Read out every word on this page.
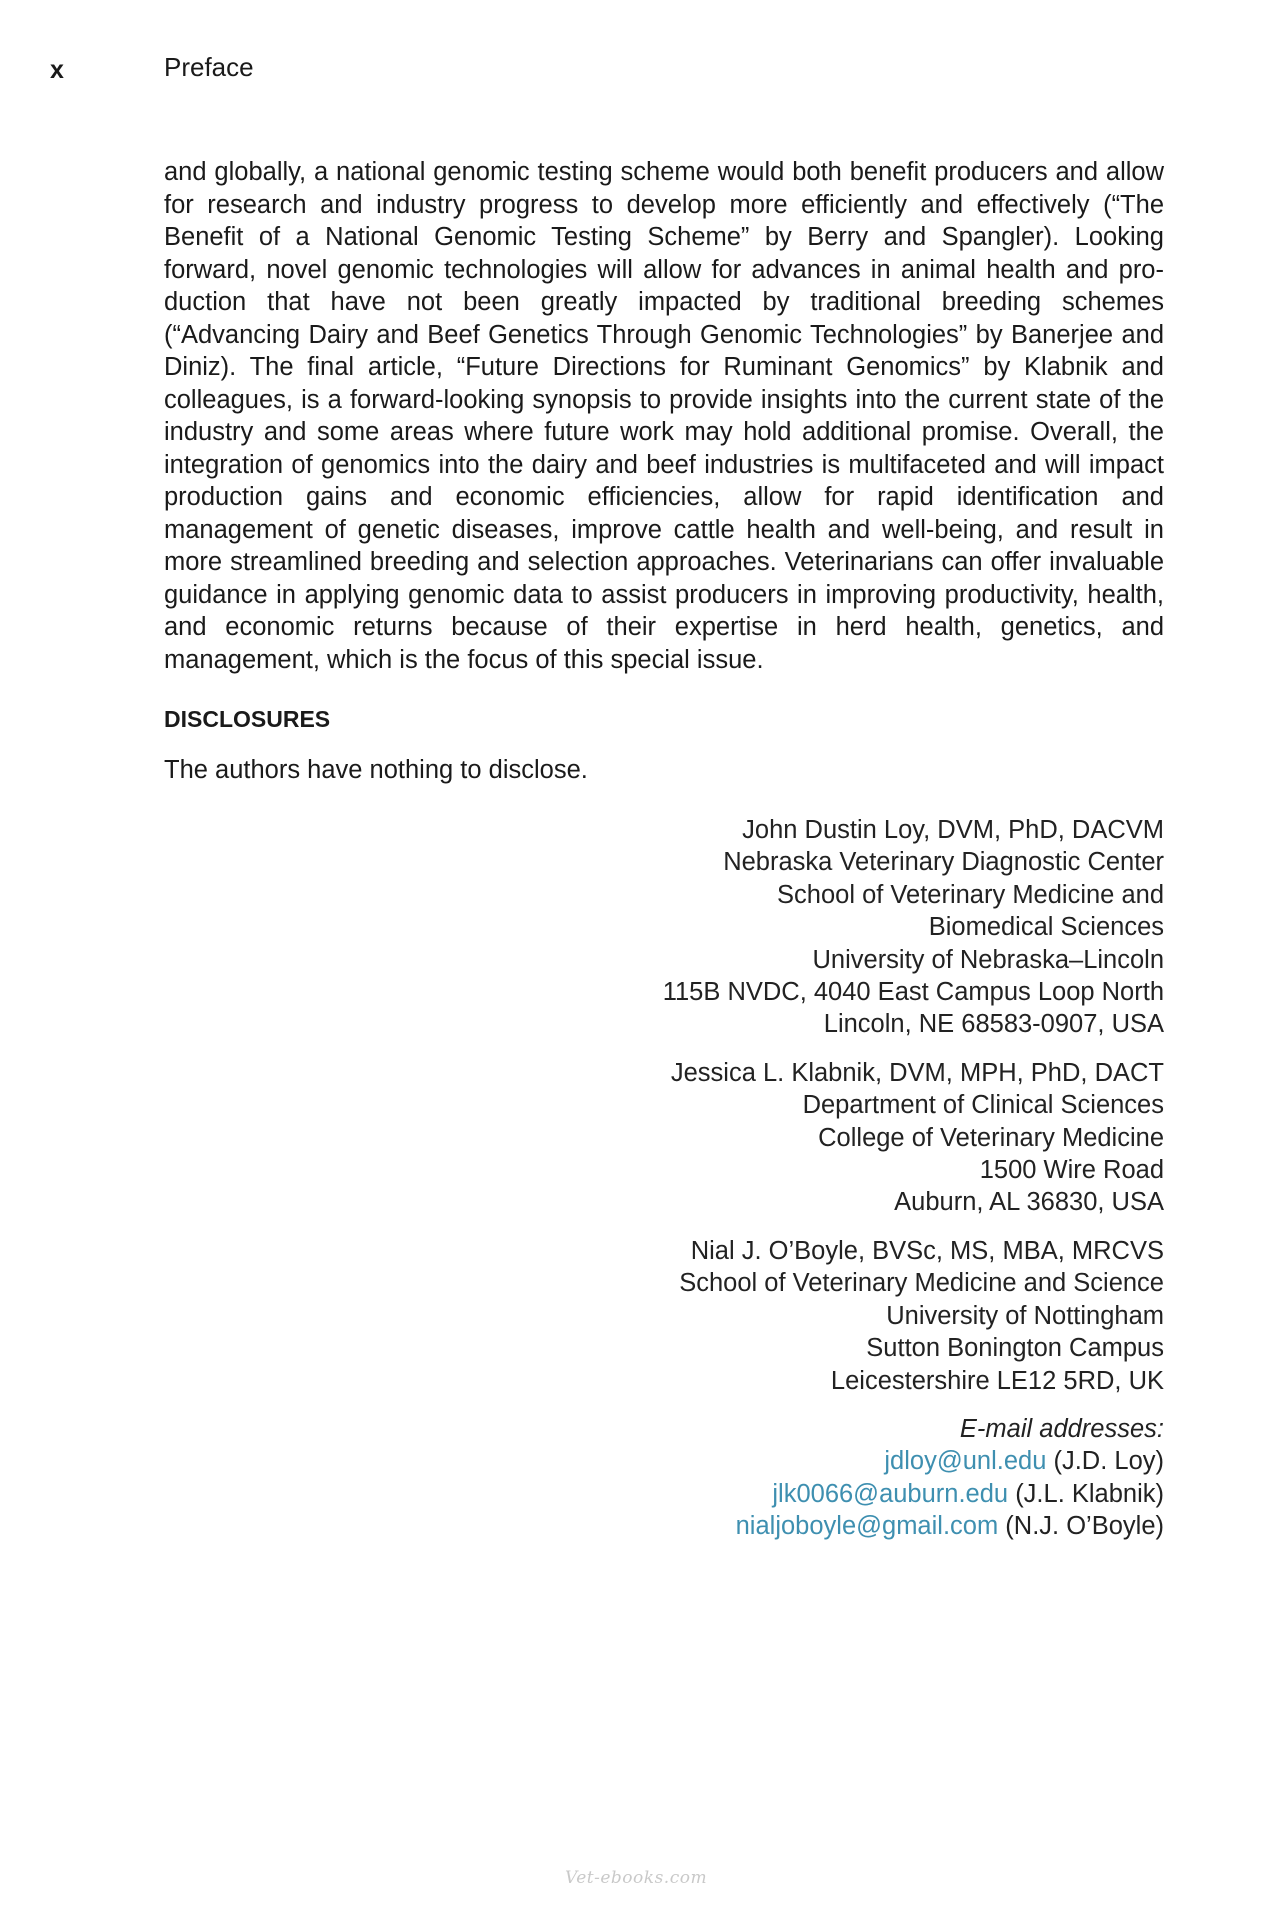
x	Preface

and globally, a national genomic testing scheme would both benefit producers and allow for research and industry progress to develop more efficiently and effectively (“The Benefit of a National Genomic Testing Scheme” by Berry and Spangler). Looking forward, novel genomic technologies will allow for advances in animal health and production that have not been greatly impacted by traditional breeding schemes (“Advancing Dairy and Beef Genetics Through Genomic Technologies” by Banerjee and Diniz). The final article, “Future Directions for Ruminant Genomics” by Klabnik and colleagues, is a forward-looking synopsis to provide insights into the current state of the industry and some areas where future work may hold additional promise. Overall, the integration of genomics into the dairy and beef industries is multifaceted and will impact production gains and economic efficiencies, allow for rapid identification and management of genetic diseases, improve cattle health and well-being, and result in more streamlined breeding and selection approaches. Veterinarians can offer invaluable guidance in applying genomic data to assist producers in improving productivity, health, and economic returns because of their expertise in herd health, genetics, and management, which is the focus of this special issue.

DISCLOSURES

The authors have nothing to disclose.

John Dustin Loy, DVM, PhD, DACVM
Nebraska Veterinary Diagnostic Center
School of Veterinary Medicine and
Biomedical Sciences
University of Nebraska–Lincoln
115B NVDC, 4040 East Campus Loop North
Lincoln, NE 68583-0907, USA
Jessica L. Klabnik, DVM, MPH, PhD, DACT
Department of Clinical Sciences
College of Veterinary Medicine
1500 Wire Road
Auburn, AL 36830, USA
Nial J. O’Boyle, BVSc, MS, MBA, MRCVS
School of Veterinary Medicine and Science
University of Nottingham
Sutton Bonington Campus
Leicestershire LE12 5RD, UK
E-mail addresses:
jdloy@unl.edu (J.D. Loy)
jlk0066@auburn.edu (J.L. Klabnik)
nialjoboyle@gmail.com (N.J. O’Boyle)
Vet-ebooks.com
